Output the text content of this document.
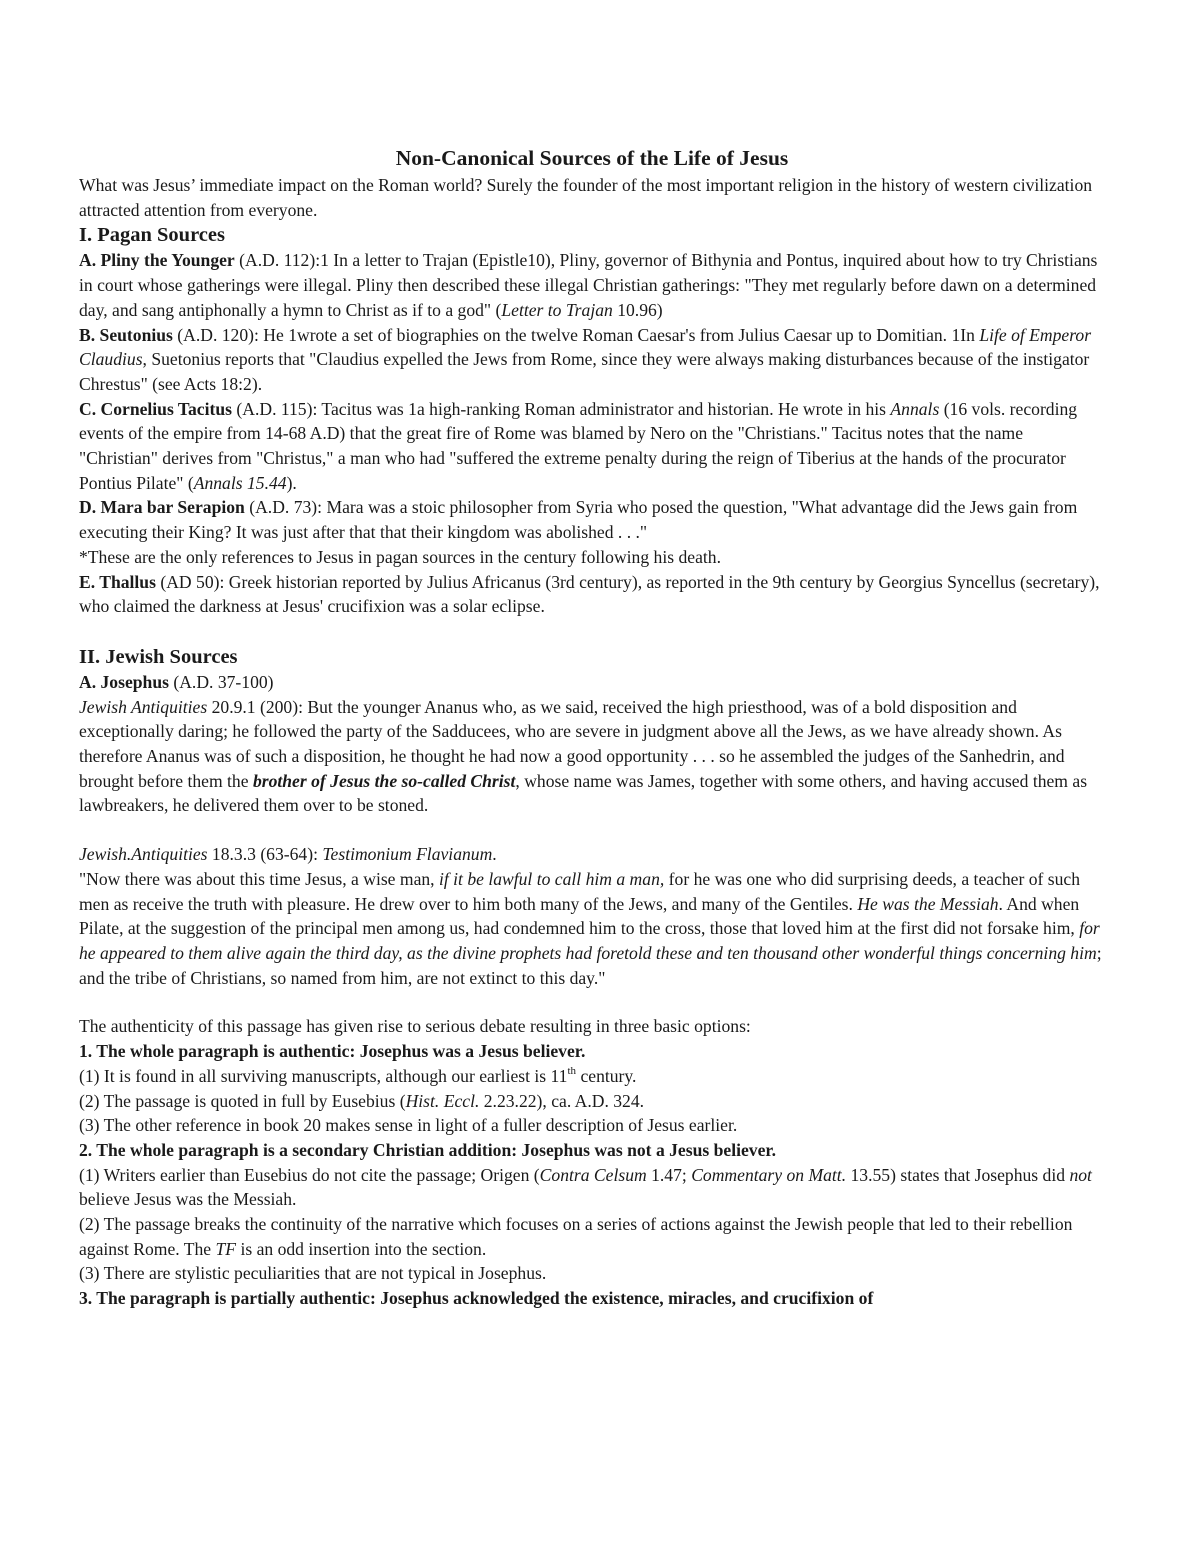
Non-Canonical Sources of the Life of Jesus

What was Jesus’ immediate impact on the Roman world? Surely the founder of the most important religion in the history of western civilization attracted attention from everyone.

I. Pagan Sources

A. Pliny the Younger (A.D. 112):1 In a letter to Trajan (Epistle10), Pliny, governor of Bithynia and Pontus, inquired about how to try Christians in court whose gatherings were illegal. Pliny then described these illegal Christian gatherings: "They met regularly before dawn on a determined day, and sang antiphonally a hymn to Christ as if to a god" (Letter to Trajan 10.96)

B. Seutonius (A.D. 120): He 1wrote a set of biographies on the twelve Roman Caesar's from Julius Caesar up to Domitian. 1In Life of Emperor Claudius, Suetonius reports that "Claudius expelled the Jews from Rome, since they were always making disturbances because of the instigator Chrestus" (see Acts 18:2).

C. Cornelius Tacitus (A.D. 115): Tacitus was 1a high-ranking Roman administrator and historian. He wrote in his Annals (16 vols. recording events of the empire from 14-68 A.D) that the great fire of Rome was blamed by Nero on the "Christians." Tacitus notes that the name "Christian" derives from "Christus," a man who had "suffered the extreme penalty during the reign of Tiberius at the hands of the procurator Pontius Pilate" (Annals 15.44).

D. Mara bar Serapion (A.D. 73): Mara was a stoic philosopher from Syria who posed the question, "What advantage did the Jews gain from executing their King? It was just after that that their kingdom was abolished . . ."

*These are the only references to Jesus in pagan sources in the century following his death.

E. Thallus (AD 50): Greek historian reported by Julius Africanus (3rd century), as reported in the 9th century by Georgius Syncellus (secretary), who claimed the darkness at Jesus' crucifixion was a solar eclipse.

II. Jewish Sources

A. Josephus (A.D. 37-100)

Jewish Antiquities 20.9.1 (200): But the younger Ananus who, as we said, received the high priesthood, was of a bold disposition and exceptionally daring; he followed the party of the Sadducees, who are severe in judgment above all the Jews, as we have already shown. As therefore Ananus was of such a disposition, he thought he had now a good opportunity . . . so he assembled the judges of the Sanhedrin, and brought before them the brother of Jesus the so-called Christ, whose name was James, together with some others, and having accused them as lawbreakers, he delivered them over to be stoned.

Jewish.Antiquities 18.3.3 (63-64): Testimonium Flavianum.

"Now there was about this time Jesus, a wise man, if it be lawful to call him a man, for he was one who did surprising deeds, a teacher of such men as receive the truth with pleasure. He drew over to him both many of the Jews, and many of the Gentiles. He was the Messiah. And when Pilate, at the suggestion of the principal men among us, had condemned him to the cross, those that loved him at the first did not forsake him, for he appeared to them alive again the third day, as the divine prophets had foretold these and ten thousand other wonderful things concerning him; and the tribe of Christians, so named from him, are not extinct to this day."

The authenticity of this passage has given rise to serious debate resulting in three basic options:

1. The whole paragraph is authentic: Josephus was a Jesus believer.

(1) It is found in all surviving manuscripts, although our earliest is 11th century.

(2) The passage is quoted in full by Eusebius (Hist. Eccl. 2.23.22), ca. A.D. 324.

(3) The other reference in book 20 makes sense in light of a fuller description of Jesus earlier.

2. The whole paragraph is a secondary Christian addition: Josephus was not a Jesus believer.

(1) Writers earlier than Eusebius do not cite the passage; Origen (Contra Celsum 1.47; Commentary on Matt. 13.55) states that Josephus did not believe Jesus was the Messiah.

(2) The passage breaks the continuity of the narrative which focuses on a series of actions against the Jewish people that led to their rebellion against Rome. The TF is an odd insertion into the section.

(3) There are stylistic peculiarities that are not typical in Josephus.

3. The paragraph is partially authentic: Josephus acknowledged the existence, miracles, and crucifixion of
